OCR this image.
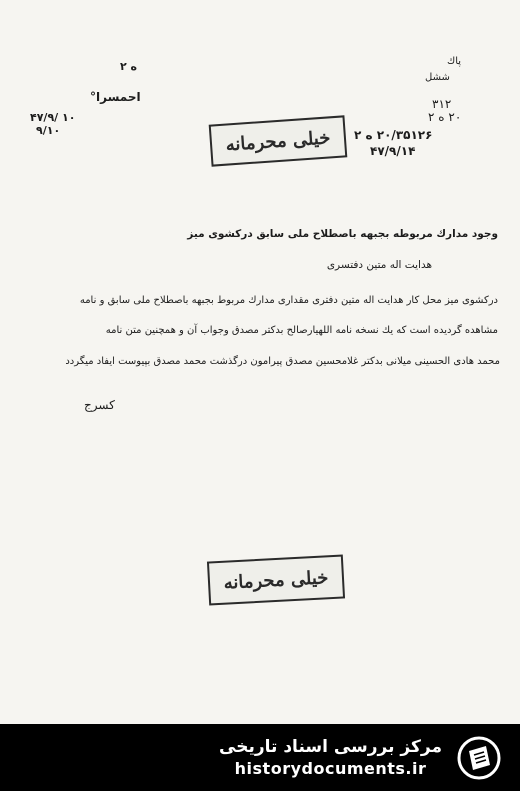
ه ۲
احمسرا°
۴۷/۹/ ۱۰
۹/۱۰
پاك
ششل
۳۱۲
۲۰ ه ۲
۲۰/۳۵۱۲۶ ه ۲
۴۷/۹/۱۴
خیلی محرمانه
وجود مدارك مربوطه بجبهه باصطلاح ملی سابق درکشوی میز
هدایت اله متین دفتسری
درکشوی میز محل کار هدایت اله متین دفتری مقداری مدارك مربوط بجبهه باصطلاح ملی سابق و نامه
مشاهده گردیده است که یك نسخه نامه اللهیارصالح بدکتر مصدق وجواب آن و همچنین متن نامه
محمد هادی الحسینی میلانی بدکتر غلامحسین مصدق پیرامون درگذشت محمد مصدق بپیوست ایفاد میگردد
کسرج
خیلی محرمانه
مرکز بررسی اسناد تاریخی
historydocuments.ir
